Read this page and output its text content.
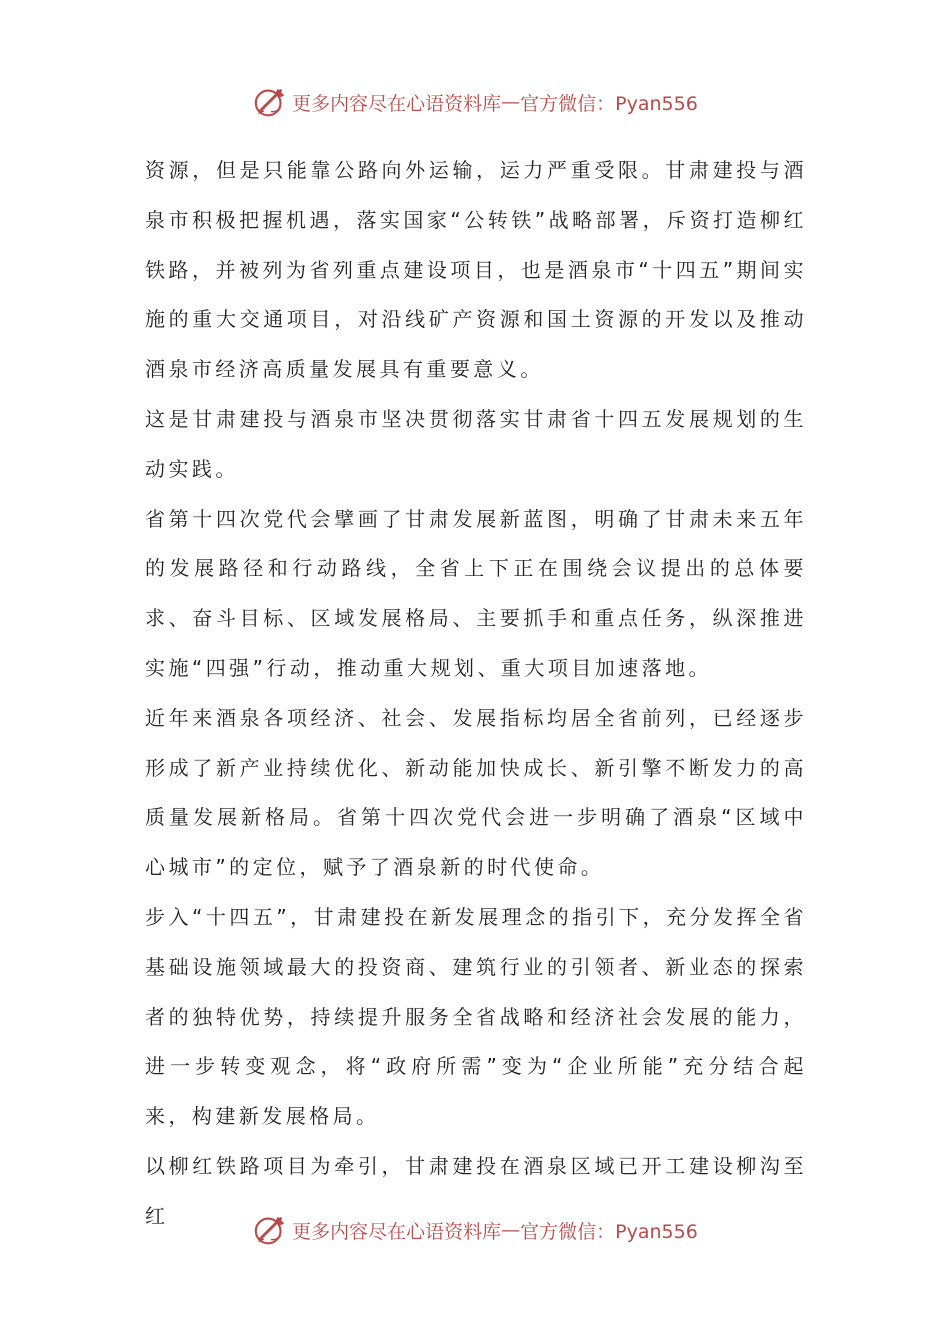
更多内容尽在心语资料库 — 官方微信：Pyan556

资源，但是只能靠公路向外运输，运力严重受限。甘肃建投与酒泉市积极把握机遇，落实国家“公转铁”战略部署，斥资打造柳红铁路，并被列为省列重点建设项目，也是酒泉市“十四五”期间实施的重大交通项目，对沿线矿产资源和国土资源的开发以及推动酒泉市经济高质量发展具有重要意义。

这是甘肃建投与酒泉市坚决贯彻落实甘肃省十四五发展规划的生动实践。

省第十四次党代会擘画了甘肃发展新蓝图，明确了甘肃未来五年的发展路径和行动路线，全省上下正在围绕会议提出的总体要求、奋斗目标、区域发展格局、主要抓手和重点任务，纵深推进实施“四强”行动，推动重大规划、重大项目加速落地。

近年来酒泉各项经济、社会、发展指标均居全省前列，已经逐步形成了新产业持续优化、新动能加快成长、新引擎不断发力的高质量发展新格局。省第十四次党代会进一步明确了酒泉“区域中心城市”的定位，赋予了酒泉新的时代使命。

步入“十四五”，甘肃建投在新发展理念的指引下，充分发挥全省基础设施领域最大的投资商、建筑行业的引领者、新业态的探索者的独特优势，持续提升服务全省战略和经济社会发展的能力，进一步转变观念，将“政府所需”变为“企业所能”充分结合起来，构建新发展格局。

以柳红铁路项目为牵引，甘肃建投在酒泉区域已开工建设柳沟至红

更多内容尽在心语资料库 — 官方微信：Pyan556
